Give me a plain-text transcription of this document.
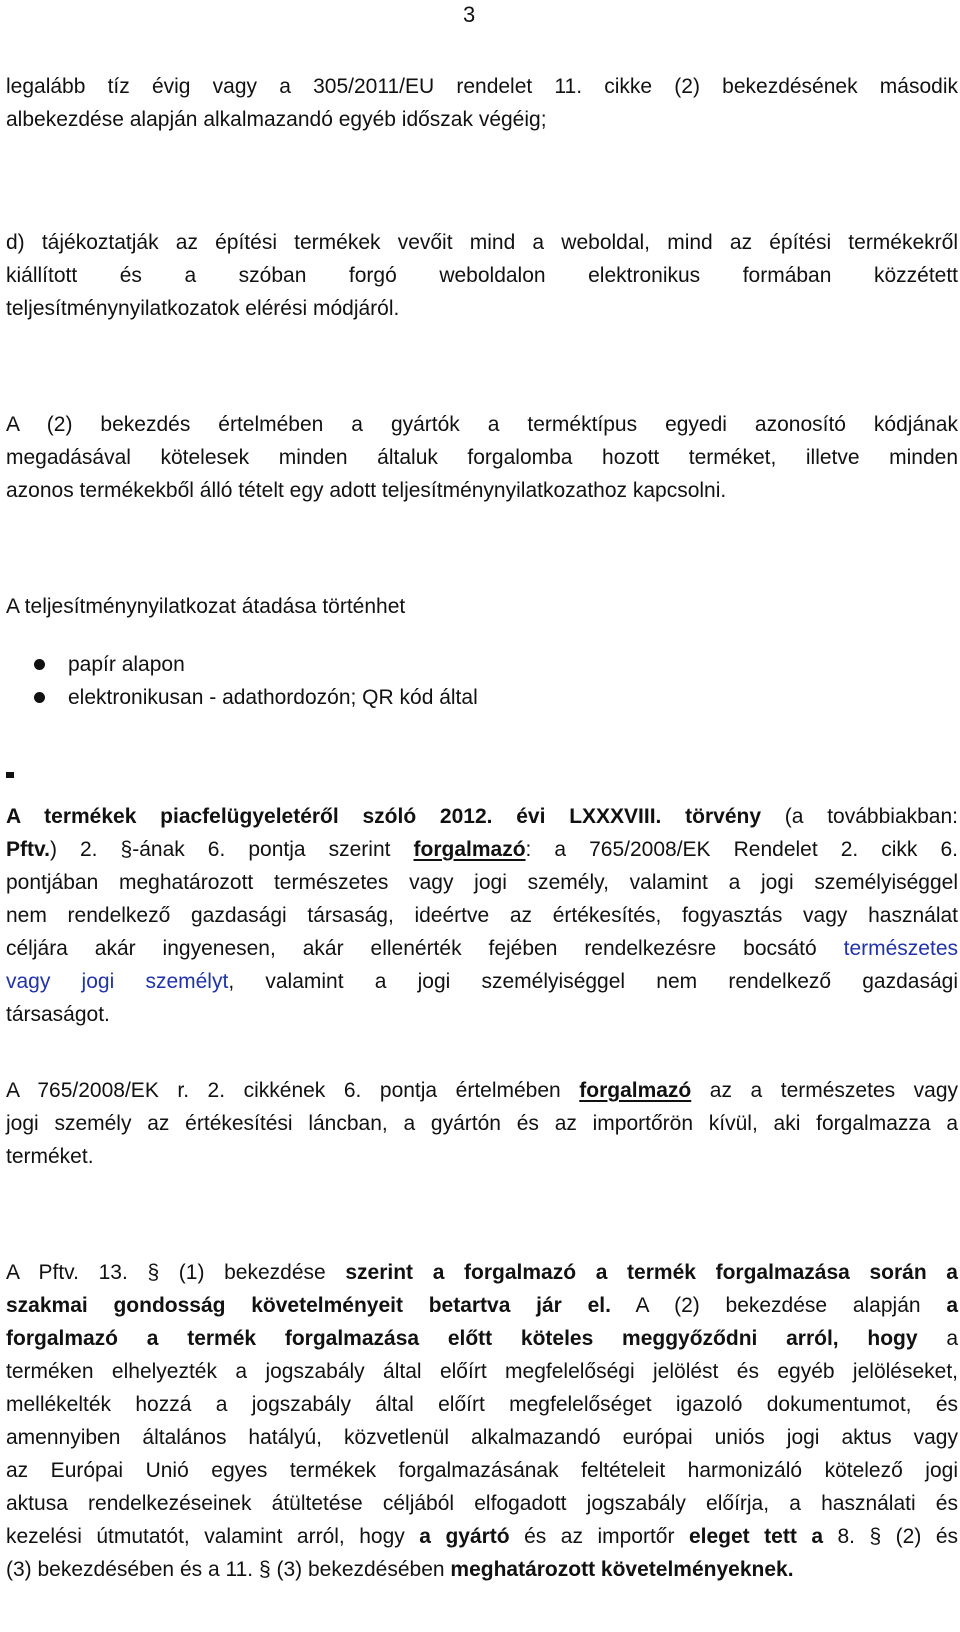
3
legalább tíz évig vagy a 305/2011/EU rendelet 11. cikke (2) bekezdésének második
albekezdése alapján alkalmazandó egyéb időszak végéig;
d) tájékoztatják az építési termékek vevőit mind a weboldal, mind az építési termékekről
kiállított és a szóban forgó weboldalon elektronikus formában közzétett
teljesítménynyilatkozatok elérési módjáról.
A (2) bekezdés értelmében a gyártók a terméktípus egyedi azonosító kódjának
megadásával kötelesek minden általuk forgalomba hozott terméket, illetve minden
azonos termékekből álló tételt egy adott teljesítménynyilatkozathoz kapcsolni.
A teljesítménynyilatkozat átadása történhet
papír alapon
elektronikusan - adathordozón; QR kód által
A termékek piacfelügyeletéről szóló 2012. évi LXXXVIII. törvény (a továbbiakban:
Pftv.) 2. §-ának 6. pontja szerint forgalmazó: a 765/2008/EK Rendelet 2. cikk 6.
pontjában meghatározott természetes vagy jogi személy, valamint a jogi személyiséggel
nem rendelkező gazdasági társaság, ideértve az értékesítés, fogyasztás vagy használat
céljára akár ingyenesen, akár ellenérték fejében rendelkezésre bocsátó természetes
vagy jogi személyt, valamint a jogi személyiséggel nem rendelkező gazdasági
társaságot.
A 765/2008/EK r. 2. cikkének 6. pontja értelmében forgalmazó az a természetes vagy
jogi személy az értékesítési láncban, a gyártón és az importőrön kívül, aki forgalmazza a
terméket.
A Pftv. 13. § (1) bekezdése szerint a forgalmazó a termék forgalmazása során a
szakmai gondosság követelményeit betartva jár el. A (2) bekezdése alapján a
forgalmazó a termék forgalmazása előtt köteles meggyőződni arról, hogy a
terméken elhelyezték a jogszabály által előírt megfelelőségi jelölést és egyéb jelöléseket,
mellékelték hozzá a jogszabály által előírt megfelelőséget igazoló dokumentumot, és
amennyiben általános hatályú, közvetlenül alkalmazandó európai uniós jogi aktus vagy
az Európai Unió egyes termékek forgalmazásának feltételeit harmonizáló kötelező jogi
aktusa rendelkezéseinek átültetése céljából elfogadott jogszabály előírja, a használati és
kezelési útmutatót, valamint arról, hogy a gyártó és az importőr eleget tett a 8. § (2) és
(3) bekezdésében és a 11. § (3) bekezdésében meghatározott követelményeknek.
